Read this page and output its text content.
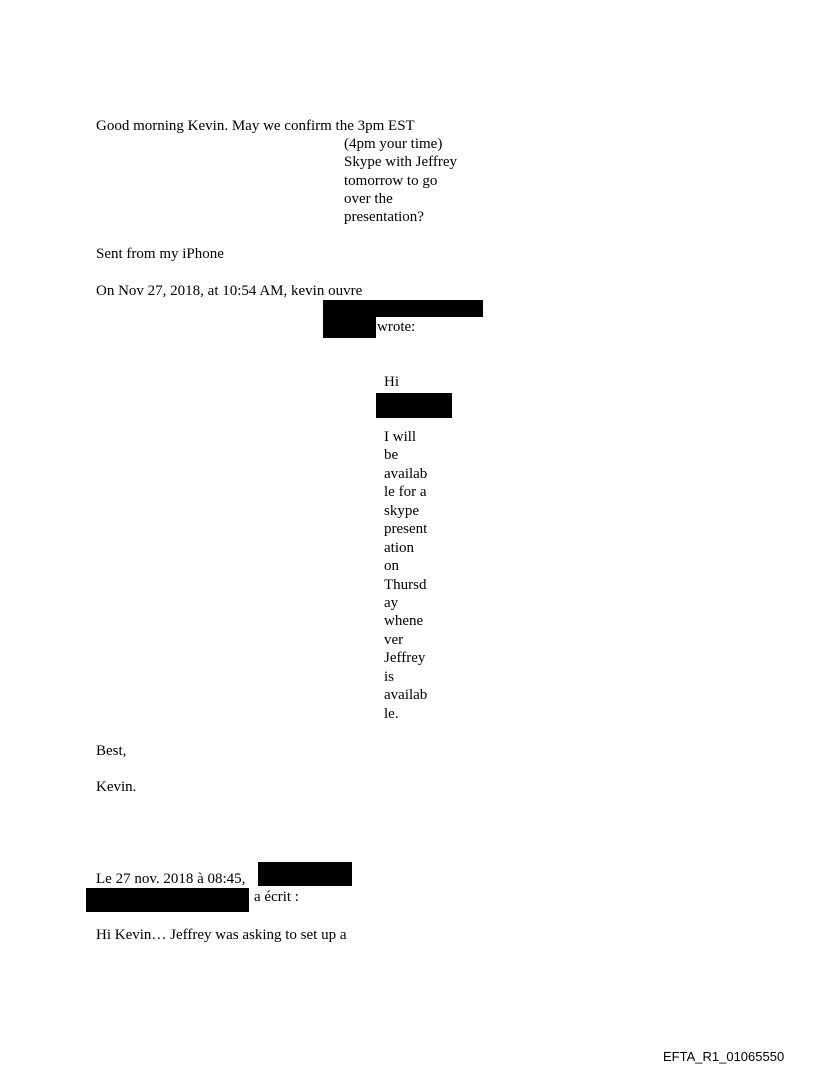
Good morning Kevin. May we confirm the 3pm EST
(4pm your time)
Skype with Jeffrey
tomorrow to go
over the
presentation?
Sent from my iPhone
On Nov 27, 2018, at 10:54 AM, kevin ouvre
wrote:
Hi
I will
be
availab
le for a
skype
present
ation
on
Thursd
ay
whene
ver
Jeffrey
is
availab
le.
Best,
Kevin.
Le 27 nov. 2018 à 08:45,
a écrit :
Hi Kevin… Jeffrey was asking to set up a
EFTA_R1_01065550
